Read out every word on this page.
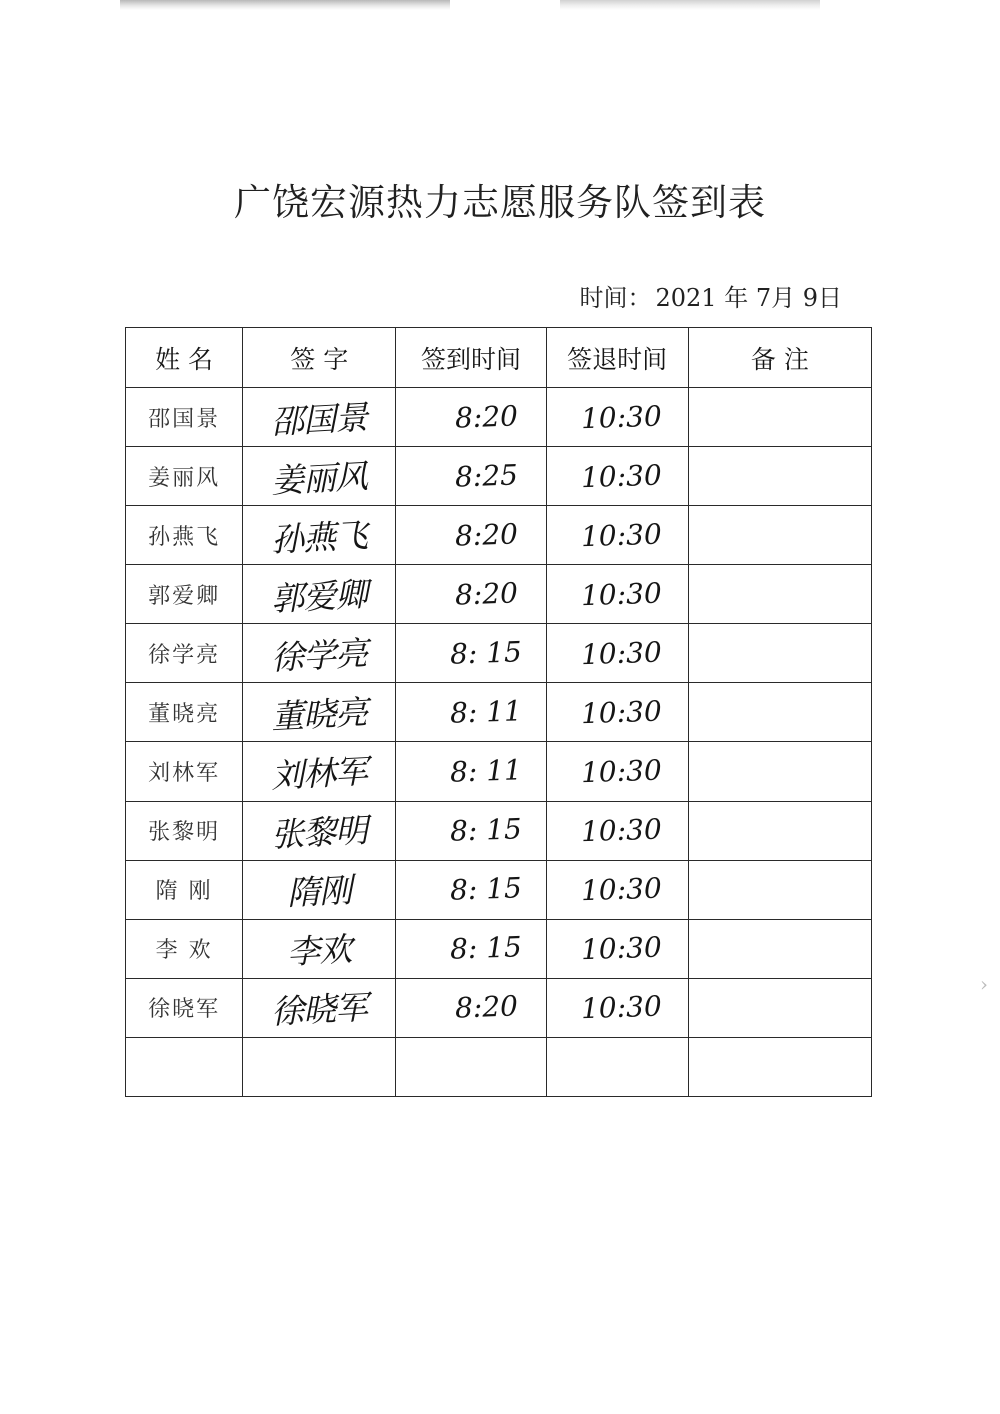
广饶宏源热力志愿服务队签到表
时间： 2021 年 7月 9日
姓 名	签 字	签到时间	签退时间	备 注
邵国景	邵国景	8:20	10:30	
姜丽风	姜丽风	8:25	10:30	
孙燕飞	孙燕飞	8:20	10:30	
郭爱卿	郭爱卿	8:20	10:30	
徐学亮	徐学亮	8: 15	10:30	
董晓亮	董晓亮	8: 11	10:30	
刘林军	刘林军	8: 11	10:30	
张黎明	张黎明	8: 15	10:30	
隋 刚	隋刚	8: 15	10:30	
李 欢	李欢	8: 15	10:30	
徐晓军	徐晓军	8:20	10:30	

›
